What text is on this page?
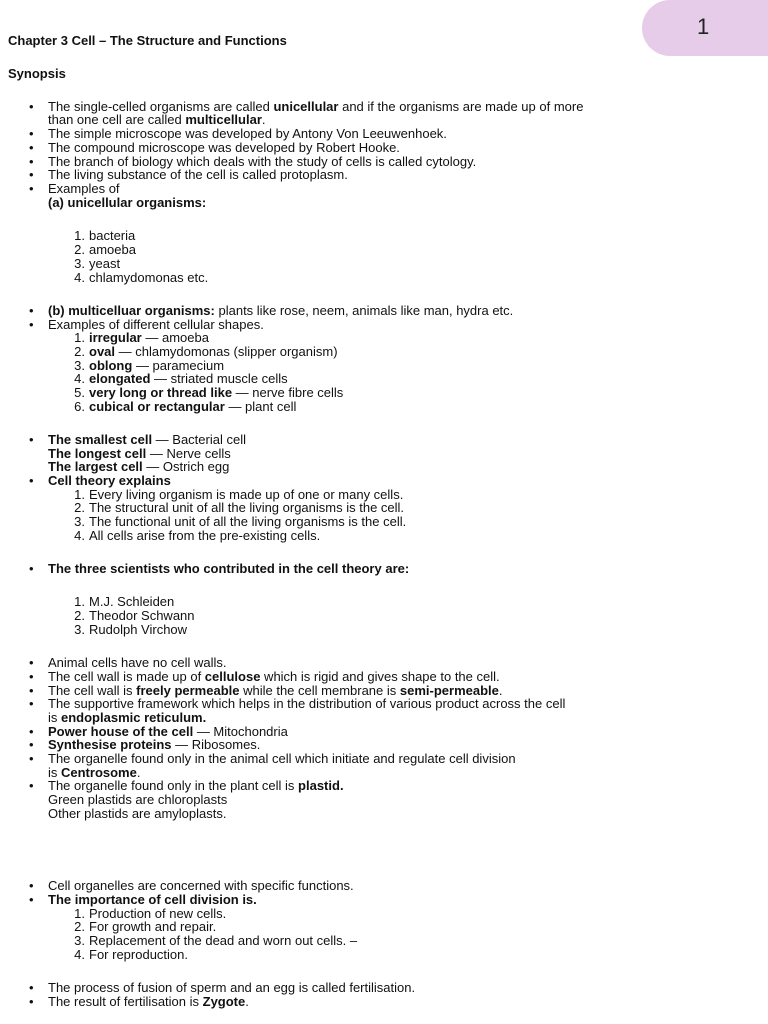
1
Chapter 3 Cell – The Structure and Functions
Synopsis
The single-celled organisms are called unicellular and if the organisms are made up of more
than one cell are called multicellular.
The simple microscope was developed by Antony Von Leeuwenhoek.
The compound microscope was developed by Robert Hooke.
The branch of biology which deals with the study of cells is called cytology.
The living substance of the cell is called protoplasm.
Examples of
(a) unicellular organisms:
1. bacteria
2. amoeba
3. yeast
4. chlamydomonas etc.
(b) multicelluar organisms: plants like rose, neem, animals like man, hydra etc.
Examples of different cellular shapes.
1. irregular — amoeba
2. oval — chlamydomonas (slipper organism)
3. oblong — paramecium
4. elongated — striated muscle cells
5. very long or thread like — nerve fibre cells
6. cubical or rectangular — plant cell
The smallest cell — Bacterial cell
The longest cell — Nerve cells
The largest cell — Ostrich egg
Cell theory explains
1. Every living organism is made up of one or many cells.
2. The structural unit of all the living organisms is the cell.
3. The functional unit of all the living organisms is the cell.
4. All cells arise from the pre-existing cells.
The three scientists who contributed in the cell theory are:
1. M.J. Schleiden
2. Theodor Schwann
3. Rudolph Virchow
Animal cells have no cell walls.
The cell wall is made up of cellulose which is rigid and gives shape to the cell.
The cell wall is freely permeable while the cell membrane is semi-permeable.
The supportive framework which helps in the distribution of various product across the cell
is endoplasmic reticulum.
Power house of the cell — Mitochondria
Synthesise proteins — Ribosomes.
The organelle found only in the animal cell which initiate and regulate cell division
is Centrosome.
The organelle found only in the plant cell is plastid.
Green plastids are chloroplasts
Other plastids are amyloplasts.
Cell organelles are concerned with specific functions.
The importance of cell division is.
1. Production of new cells.
2. For growth and repair.
3. Replacement of the dead and worn out cells. –
4. For reproduction.
The process of fusion of sperm and an egg is called fertilisation.
The result of fertilisation is Zygote.
